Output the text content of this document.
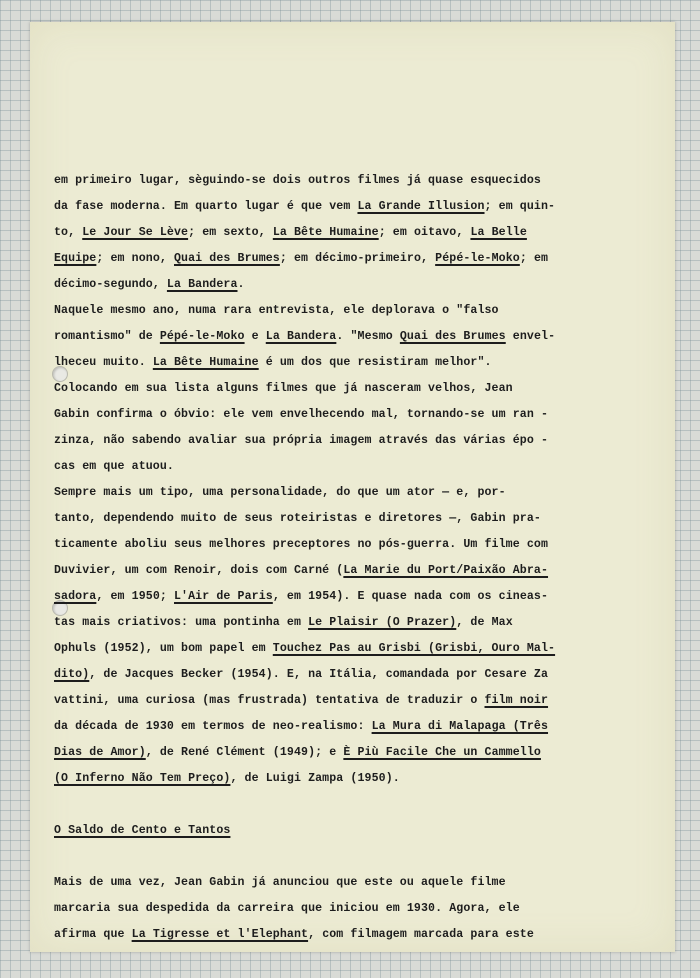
em primeiro lugar, sèguindo-se dois outros filmes já quase esquecidos
da fase moderna. Em quarto lugar é que vem La Grande Illusion; em quin-
to, Le Jour Se Lève; em sexto, La Bête Humaine; em oitavo, La Belle
Equipe; em nono, Quai des Brumes; em décimo-primeiro, Pépé-le-Moko; em
décimo-segundo, La Bandera.
Naquele mesmo ano, numa rara entrevista, ele deplorava o "falso
romantismo" de Pépé-le-Moko e La Bandera. "Mesmo Quai des Brumes envel-
lheceu muito. La Bête Humaine é um dos que resistiram melhor".
Colocando em sua lista alguns filmes que já nasceram velhos, Jean
Gabin confirma o óbvio: ele vem envelhecendo mal, tornando-se um ran -
zinza, não sabendo avaliar sua própria imagem através das várias épo -
cas em que atuou.
Sempre mais um tipo, uma personalidade, do que um ator — e, por-
tanto, dependendo muito de seus roteiristas e diretores —, Gabin pra-
ticamente aboliu seus melhores preceptores no pós-guerra. Um filme com
Duvivier, um com Renoir, dois com Carné (La Marie du Port/Paixão Abra-
sadora, em 1950; L'Air de Paris, em 1954). E quase nada com os cineas-
tas mais criativos: uma pontinha em Le Plaisir (O Prazer), de Max
Ophuls (1952), um bom papel em Touchez Pas au Grisbi (Grisbi, Ouro Mal-
dito), de Jacques Becker (1954). E, na Itália, comandada por Cesare Za
vattini, uma curiosa (mas frustrada) tentativa de traduzir o film noir
da década de 1930 em termos de neo-realismo: La Mura di Malapaga (Três
Dias de Amor), de René Clément (1949); e È Più Facile Che un Cammello
(O Inferno Não Tem Preço), de Luigi Zampa (1950).
O Saldo de Cento e Tantos
Mais de uma vez, Jean Gabin já anunciou que este ou aquele filme
marcaria sua despedida da carreira que iniciou em 1930. Agora, ele
afirma que La Tigresse et l'Elephant, com filmagem marcada para este
